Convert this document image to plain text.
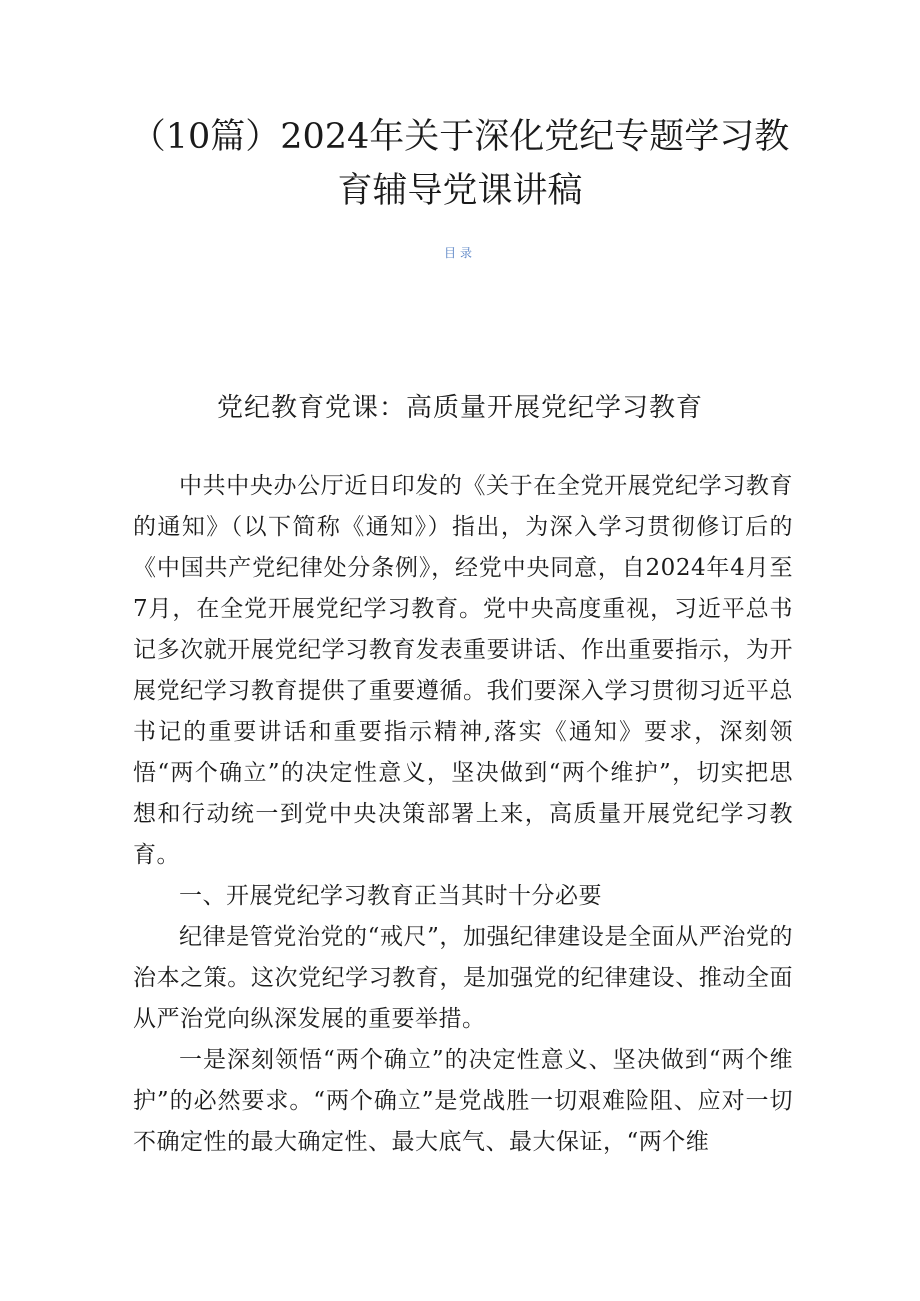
（10篇）2024年关于深化党纪专题学习教
育辅导党课讲稿
目录
党纪教育党课：高质量开展党纪学习教育

中共中央办公厅近日印发的《关于在全党开展党纪学习教育的通知》（以下简称《通知》）指出，为深入学习贯彻修订后的《中国共产党纪律处分条例》，经党中央同意，自2024年4月至7月，在全党开展党纪学习教育。党中央高度重视，习近平总书记多次就开展党纪学习教育发表重要讲话、作出重要指示，为开展党纪学习教育提供了重要遵循。我们要深入学习贯彻习近平总书记的重要讲话和重要指示精神,落实《通知》要求，深刻领悟“两个确立”的决定性意义，坚决做到“两个维护”，切实把思想和行动统一到党中央决策部署上来，高质量开展党纪学习教育。

一、开展党纪学习教育正当其时十分必要

纪律是管党治党的“戒尺”，加强纪律建设是全面从严治党的治本之策。这次党纪学习教育，是加强党的纪律建设、推动全面从严治党向纵深发展的重要举措。

一是深刻领悟“两个确立”的决定性意义、坚决做到“两个维护”的必然要求。“两个确立”是党战胜一切艰难险阻、应对一切不确定性的最大确定性、最大底气、最大保证，“两个维
